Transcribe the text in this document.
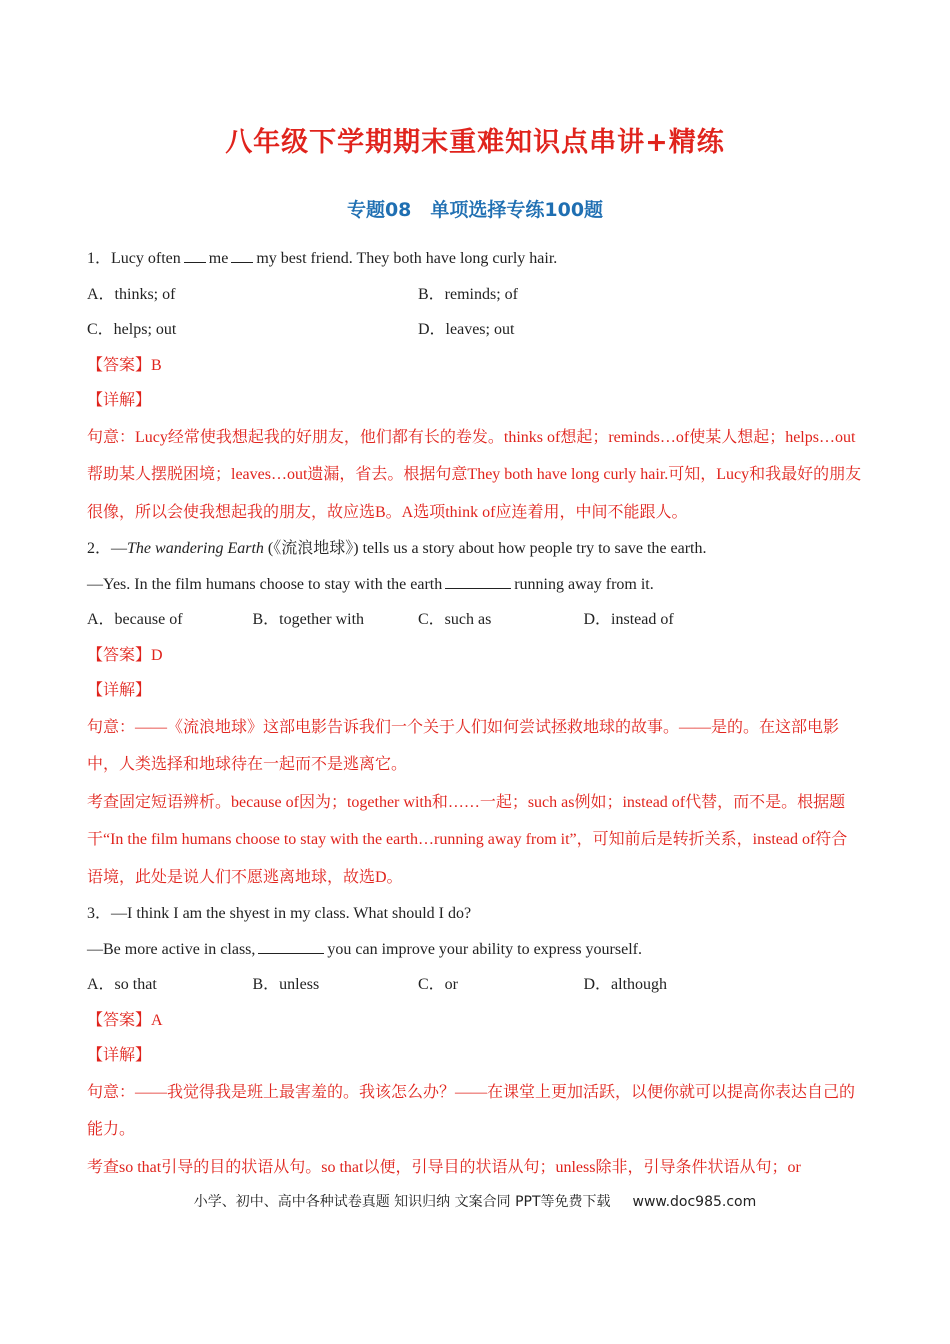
八年级下学期期末重难知识点串讲+精练
专题08　单项选择专练100题
1．Lucy often me my best friend. They both have long curly hair.
A．thinks; of	B．reminds; of
C．helps; out	D．leaves; out
【答案】B
【详解】
句意：Lucy经常使我想起我的好朋友，他们都有长的卷发。thinks of想起；reminds…of使某人想起；helps…out帮助某人摆脱困境；leaves…out遗漏，省去。根据句意They both have long curly hair.可知，Lucy和我最好的朋友很像，所以会使我想起我的朋友，故应选B。A选项think of应连着用，中间不能跟人。
2．—The wandering Earth (《流浪地球》) tells us a story about how people try to save the earth.
—Yes. In the film humans choose to stay with the earth	running away from it.
A．because of	B．together with	C．such as	D．instead of
【答案】D
【详解】
句意：——《流浪地球》这部电影告诉我们一个关于人们如何尝试拯救地球的故事。——是的。在这部电影中，人类选择和地球待在一起而不是逃离它。
考查固定短语辨析。because of因为；together with和……一起；such as例如；instead of代替，而不是。根据题干“In the film humans choose to stay with the earth…running away from it”，可知前后是转折关系，instead of符合语境，此处是说人们不愿逃离地球，故选D。
3．—I think I am the shyest in my class. What should I do?
—Be more active in class,	you can improve your ability to express yourself.
A．so that	B．unless	C．or	D．although
【答案】A
【详解】
句意：——我觉得我是班上最害羞的。我该怎么办？——在课堂上更加活跃，以便你就可以提高你表达自己的能力。
考查so that引导的目的状语从句。so that以便，引导目的状语从句；unless除非，引导条件状语从句；or
小学、初中、高中各种试卷真题 知识归纳 文案合同 PPT等免费下载 www.doc985.com
